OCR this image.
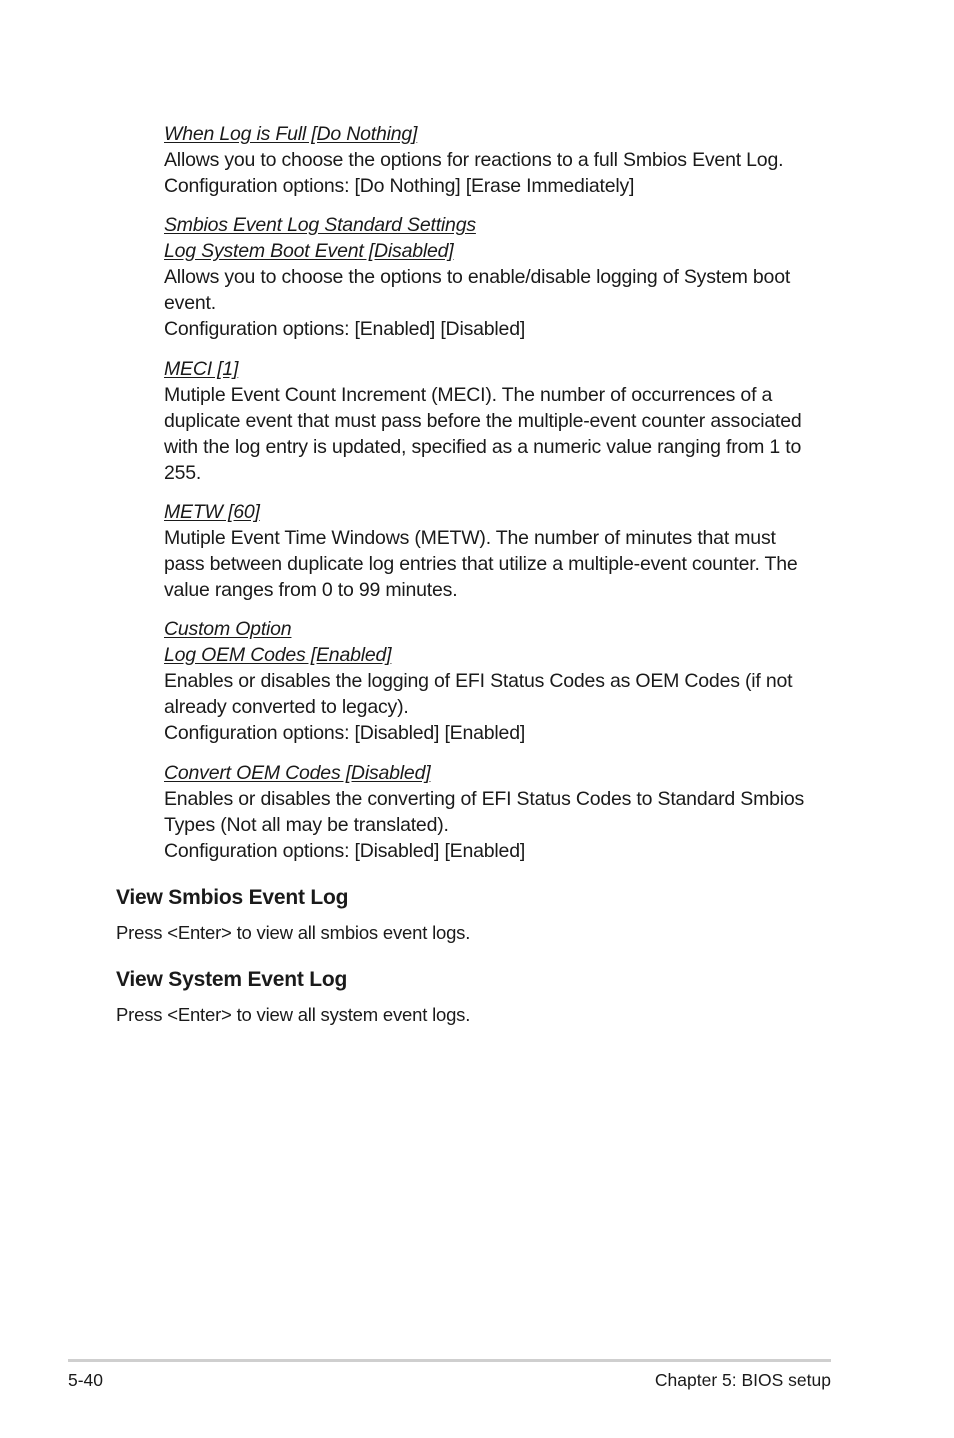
When Log is Full [Do Nothing]
Allows you to choose the options for reactions to a full Smbios Event Log.
Configuration options: [Do Nothing] [Erase Immediately]
Smbios Event Log Standard Settings
Log System Boot Event [Disabled]
Allows you to choose the options to enable/disable logging of System boot
event.
Configuration options: [Enabled] [Disabled]
MECI [1]
Mutiple Event Count Increment (MECI). The number of occurrences of a
duplicate event that must pass before the multiple-event counter associated
with the log entry is updated, specified as a numeric value ranging from 1 to
255.
METW [60]
Mutiple Event Time Windows (METW). The number of minutes that must
pass between duplicate log entries that utilize a multiple-event counter. The
value ranges from 0 to 99 minutes.
Custom Option
Log OEM Codes [Enabled]
Enables or disables the logging of EFI Status Codes as OEM Codes (if not
already converted to legacy).
Configuration options: [Disabled] [Enabled]
Convert OEM Codes [Disabled]
Enables or disables the converting of EFI Status Codes to Standard Smbios
Types (Not all may be translated).
Configuration options: [Disabled] [Enabled]
View Smbios Event Log
Press <Enter> to view all smbios event logs.
View System Event Log
Press <Enter> to view all system event logs.
5-40	Chapter 5: BIOS setup
